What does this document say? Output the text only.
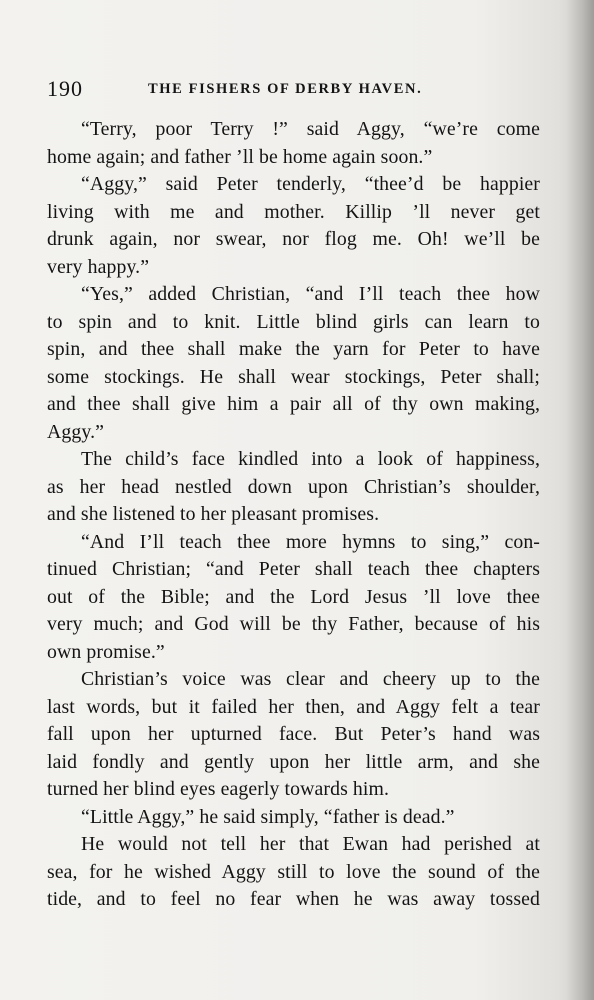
190	THE FISHERS OF DERBY HAVEN.
“Terry, poor Terry !” said Aggy, “we’re come
home again; and father ’ll be home again soon.”
“Aggy,” said Peter tenderly, “thee’d be happier
living with me and mother. Killip ’ll never get
drunk again, nor swear, nor flog me. Oh! we’ll be
very happy.”
“Yes,” added Christian, “and I’ll teach thee how
to spin and to knit. Little blind girls can learn to
spin, and thee shall make the yarn for Peter to have
some stockings. He shall wear stockings, Peter shall;
and thee shall give him a pair all of thy own making,
Aggy.”
The child’s face kindled into a look of happiness,
as her head nestled down upon Christian’s shoulder,
and she listened to her pleasant promises.
“And I’ll teach thee more hymns to sing,” con-
tinued Christian; “and Peter shall teach thee chapters
out of the Bible; and the Lord Jesus ’ll love thee
very much; and God will be thy Father, because of his
own promise.”
Christian’s voice was clear and cheery up to the
last words, but it failed her then, and Aggy felt a tear
fall upon her upturned face. But Peter’s hand was
laid fondly and gently upon her little arm, and she
turned her blind eyes eagerly towards him.
“Little Aggy,” he said simply, “father is dead.”
He would not tell her that Ewan had perished at
sea, for he wished Aggy still to love the sound of the
tide, and to feel no fear when he was away tossed
